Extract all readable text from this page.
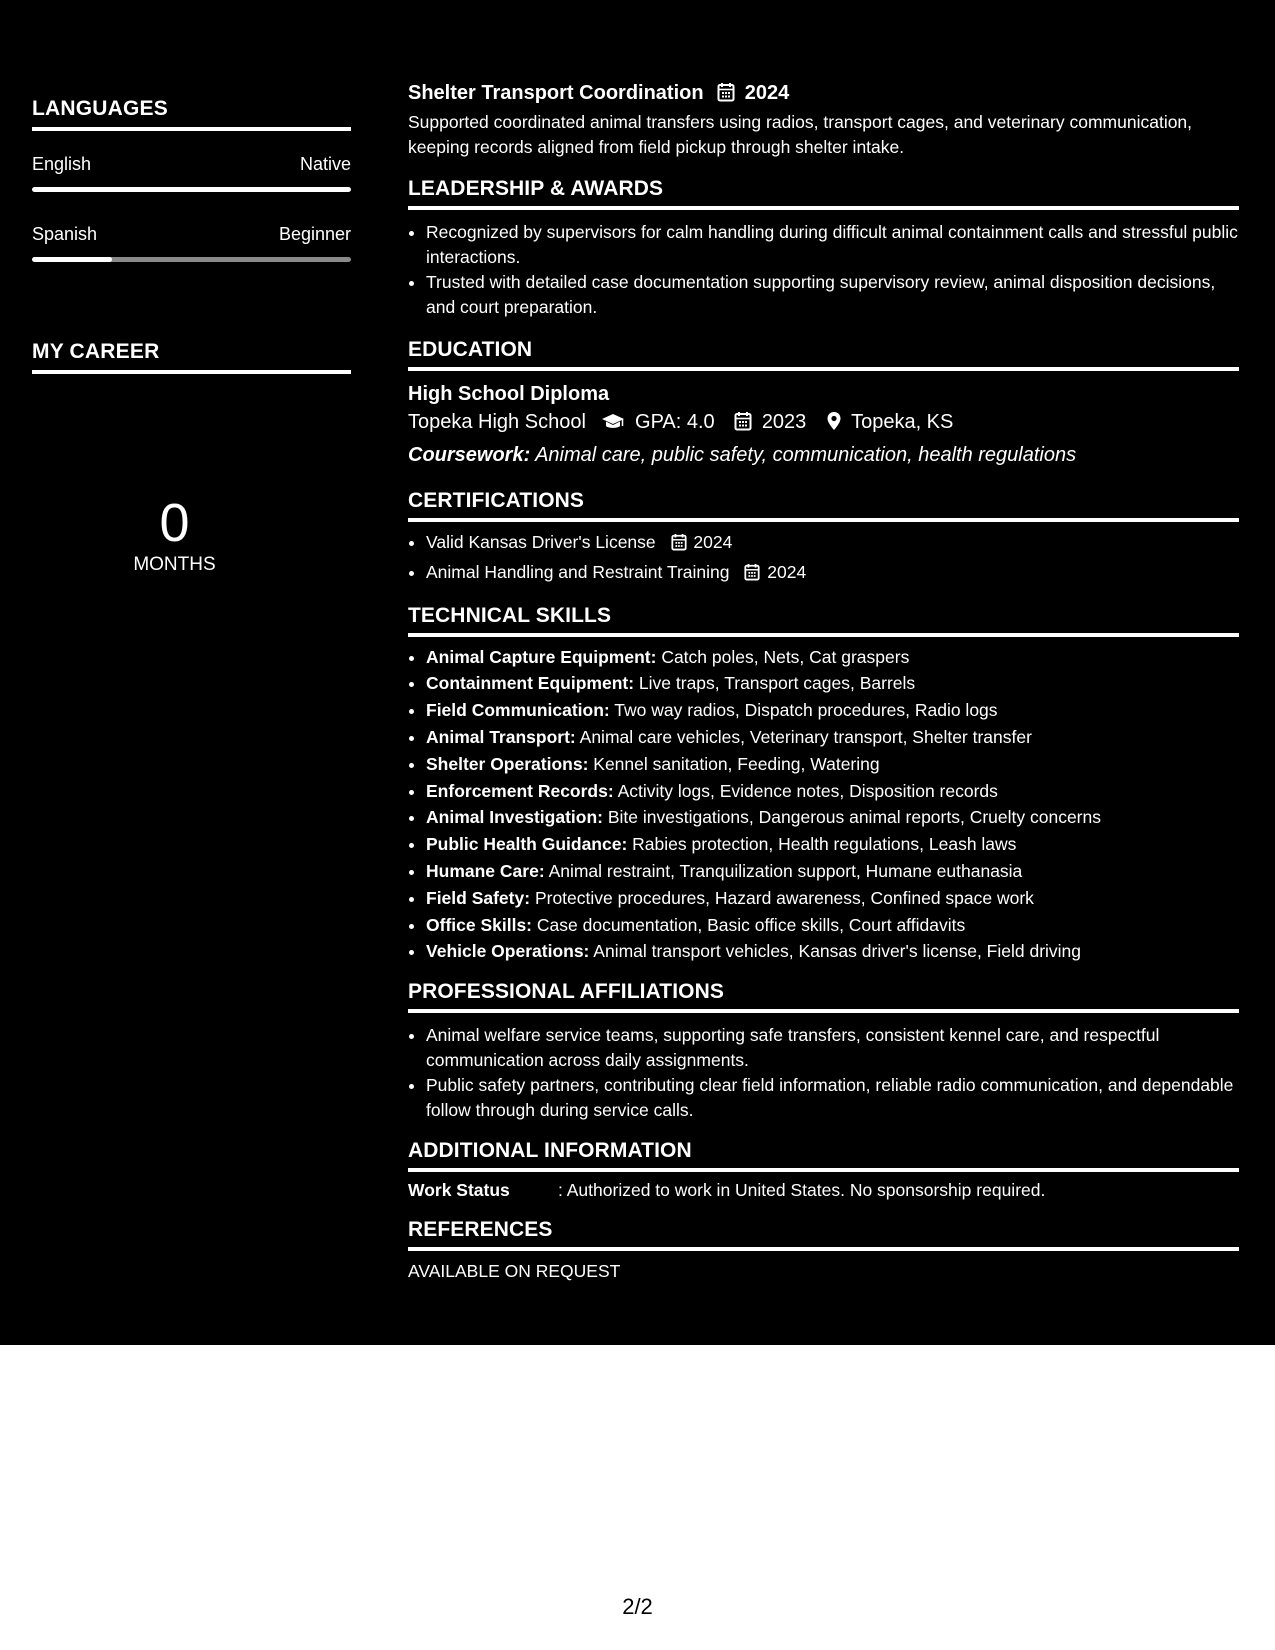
LANGUAGES
English	Native
Spanish	Beginner
MY CAREER
0
MONTHS
Shelter Transport Coordination 2024
Supported coordinated animal transfers using radios, transport cages, and veterinary communication, keeping records aligned from field pickup through shelter intake.
LEADERSHIP & AWARDS
• Recognized by supervisors for calm handling during difficult animal containment calls and stressful public interactions.
• Trusted with detailed case documentation supporting supervisory review, animal disposition decisions, and court preparation.
EDUCATION
High School Diploma
Topeka High School GPA: 4.0 2023 Topeka, KS
Coursework: Animal care, public safety, communication, health regulations
CERTIFICATIONS
• Valid Kansas Driver's License 2024
• Animal Handling and Restraint Training 2024
TECHNICAL SKILLS
• Animal Capture Equipment: Catch poles, Nets, Cat graspers
• Containment Equipment: Live traps, Transport cages, Barrels
• Field Communication: Two way radios, Dispatch procedures, Radio logs
• Animal Transport: Animal care vehicles, Veterinary transport, Shelter transfer
• Shelter Operations: Kennel sanitation, Feeding, Watering
• Enforcement Records: Activity logs, Evidence notes, Disposition records
• Animal Investigation: Bite investigations, Dangerous animal reports, Cruelty concerns
• Public Health Guidance: Rabies protection, Health regulations, Leash laws
• Humane Care: Animal restraint, Tranquilization support, Humane euthanasia
• Field Safety: Protective procedures, Hazard awareness, Confined space work
• Office Skills: Case documentation, Basic office skills, Court affidavits
• Vehicle Operations: Animal transport vehicles, Kansas driver's license, Field driving
PROFESSIONAL AFFILIATIONS
• Animal welfare service teams, supporting safe transfers, consistent kennel care, and respectful communication across daily assignments.
• Public safety partners, contributing clear field information, reliable radio communication, and dependable follow through during service calls.
ADDITIONAL INFORMATION
Work Status	: Authorized to work in United States. No sponsorship required.
REFERENCES
AVAILABLE ON REQUEST
2/2
